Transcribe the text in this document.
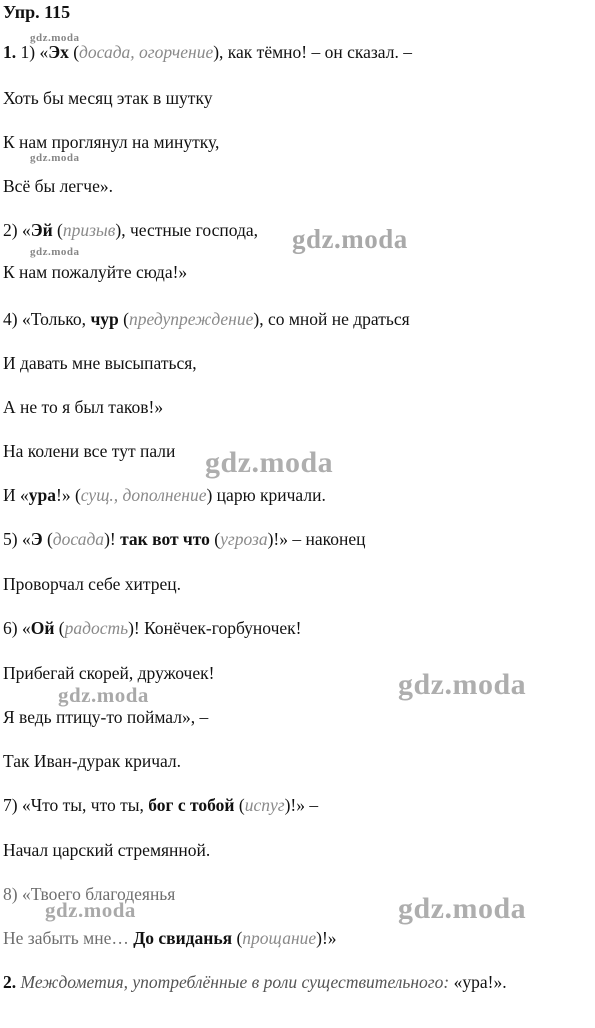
Упр. 115
gdz.moda
1. 1) «Эх (досада, огорчение), как тёмно! – он сказал. –
Хоть бы месяц этак в шутку
К нам проглянул на минутку,
gdz.moda
Всё бы легче».
2) «Эй (призыв), честные господа, gdz.moda
gdz.moda
К нам пожалуйте сюда!»
4) «Только, чур (предупреждение), со мной не драться
И давать мне высыпаться,
А не то я был таков!»
На колени все тут пали gdz.moda
И «ура!» (сущ., дополнение) царю кричали.
5) «Э (досада)! так вот что (угроза)!» – наконец
Проворчал себе хитрец.
6) «Ой (радость)! Конёчек-горбуночек!
Прибегай скорей, дружочек!	gdz.moda
gdz.moda
Я ведь птицу-то поймал», –
Так Иван-дурак кричал.
7) «Что ты, что ты, бог с тобой (испуг)!» –
Начал царский стремянной.
8) «Твоего благодеянья	gdz.moda
gdz.moda
Не забыть мне… До свиданья (прощание)!»
2. Междометия, употреблённые в роли существительного: «ура!».
